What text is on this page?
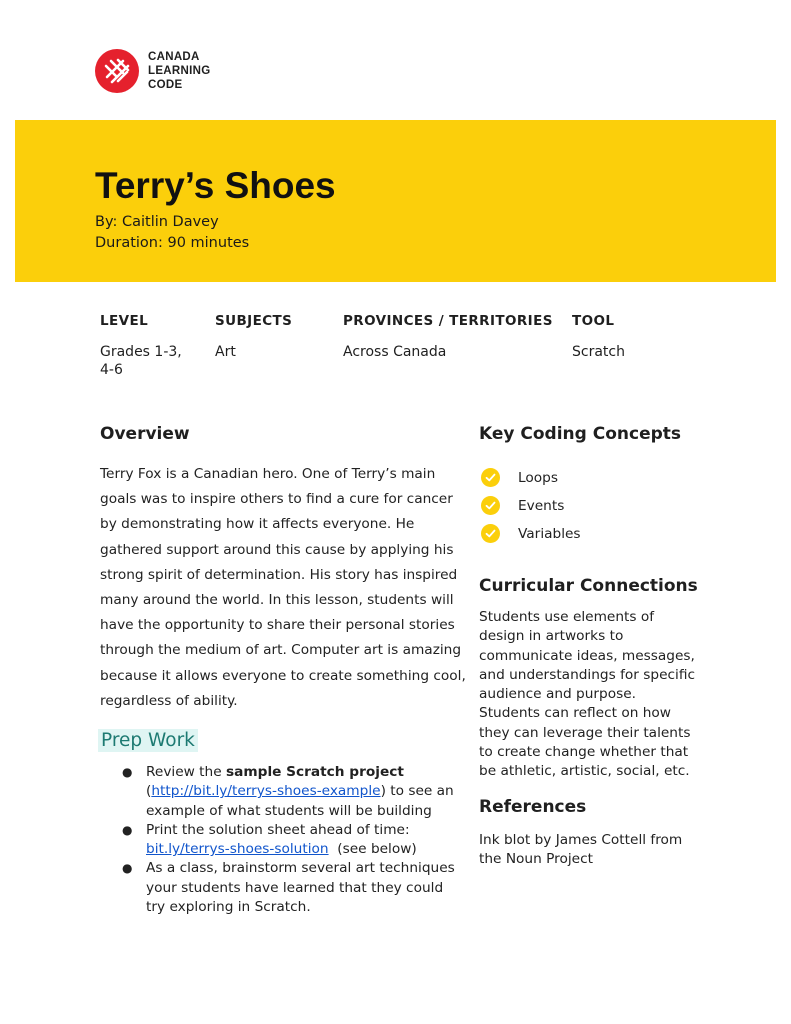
CANADA
LEARNING
CODE
Terry’s Shoes
By: Caitlin Davey
Duration: 90 minutes
LEVEL
Grades 1-3, 4-6
SUBJECTS
Art
PROVINCES / TERRITORIES
Across Canada
TOOL
Scratch
Overview

Terry Fox is a Canadian hero. One of Terry’s main goals was to inspire others to find a cure for cancer by demonstrating how it affects everyone. He gathered support around this cause by applying his strong spirit of determination. His story has inspired many around the world. In this lesson, students will have the opportunity to share their personal stories through the medium of art. Computer art is amazing because it allows everyone to create something cool, regardless of ability.

Prep Work
● Review the sample Scratch project (http://bit.ly/terrys-shoes-example) to see an example of what students will be building
● Print the solution sheet ahead of time: bit.ly/terrys-shoes-solution  (see below)
● As a class, brainstorm several art techniques your students have learned that they could try exploring in Scratch.
Key Coding Concepts
Loops
Events
Variables
Curricular Connections

Students use elements of design in artworks to communicate ideas, messages, and understandings for specific audience and purpose. Students can reflect on how they can leverage their talents to create change whether that be athletic, artistic, social, etc.

References

Ink blot by James Cottell from the Noun Project
